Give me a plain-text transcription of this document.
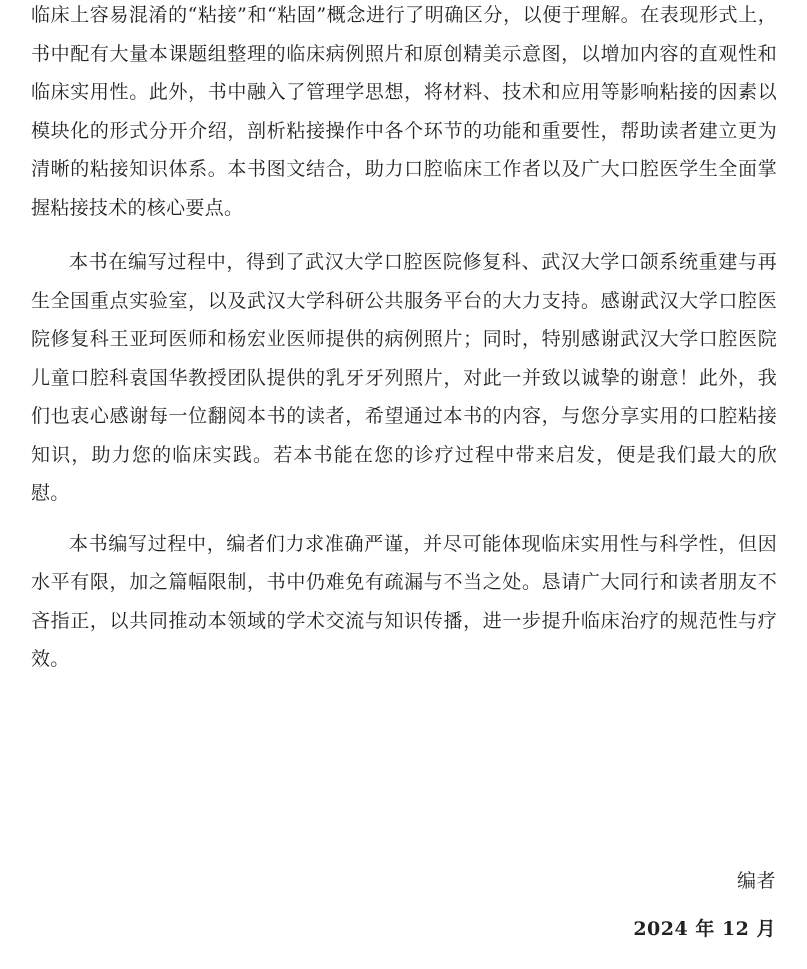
临床上容易混淆的“粘接”和“粘固”概念进行了明确区分，以便于理解。在表现形式上，书中配有大量本课题组整理的临床病例照片和原创精美示意图，以增加内容的直观性和临床实用性。此外，书中融入了管理学思想，将材料、技术和应用等影响粘接的因素以模块化的形式分开介绍，剖析粘接操作中各个环节的功能和重要性，帮助读者建立更为清晰的粘接知识体系。本书图文结合，助力口腔临床工作者以及广大口腔医学生全面掌握粘接技术的核心要点。

本书在编写过程中，得到了武汉大学口腔医院修复科、武汉大学口颌系统重建与再生全国重点实验室，以及武汉大学科研公共服务平台的大力支持。感谢武汉大学口腔医院修复科王亚珂医师和杨宏业医师提供的病例照片；同时，特别感谢武汉大学口腔医院儿童口腔科袁国华教授团队提供的乳牙牙列照片，对此一并致以诚挚的谢意！此外，我们也衷心感谢每一位翻阅本书的读者，希望通过本书的内容，与您分享实用的口腔粘接知识，助力您的临床实践。若本书能在您的诊疗过程中带来启发，便是我们最大的欣慰。

本书编写过程中，编者们力求准确严谨，并尽可能体现临床实用性与科学性，但因水平有限，加之篇幅限制，书中仍难免有疏漏与不当之处。恳请广大同行和读者朋友不吝指正，以共同推动本领域的学术交流与知识传播，进一步提升临床治疗的规范性与疗效。

编者
2024 年 12 月
